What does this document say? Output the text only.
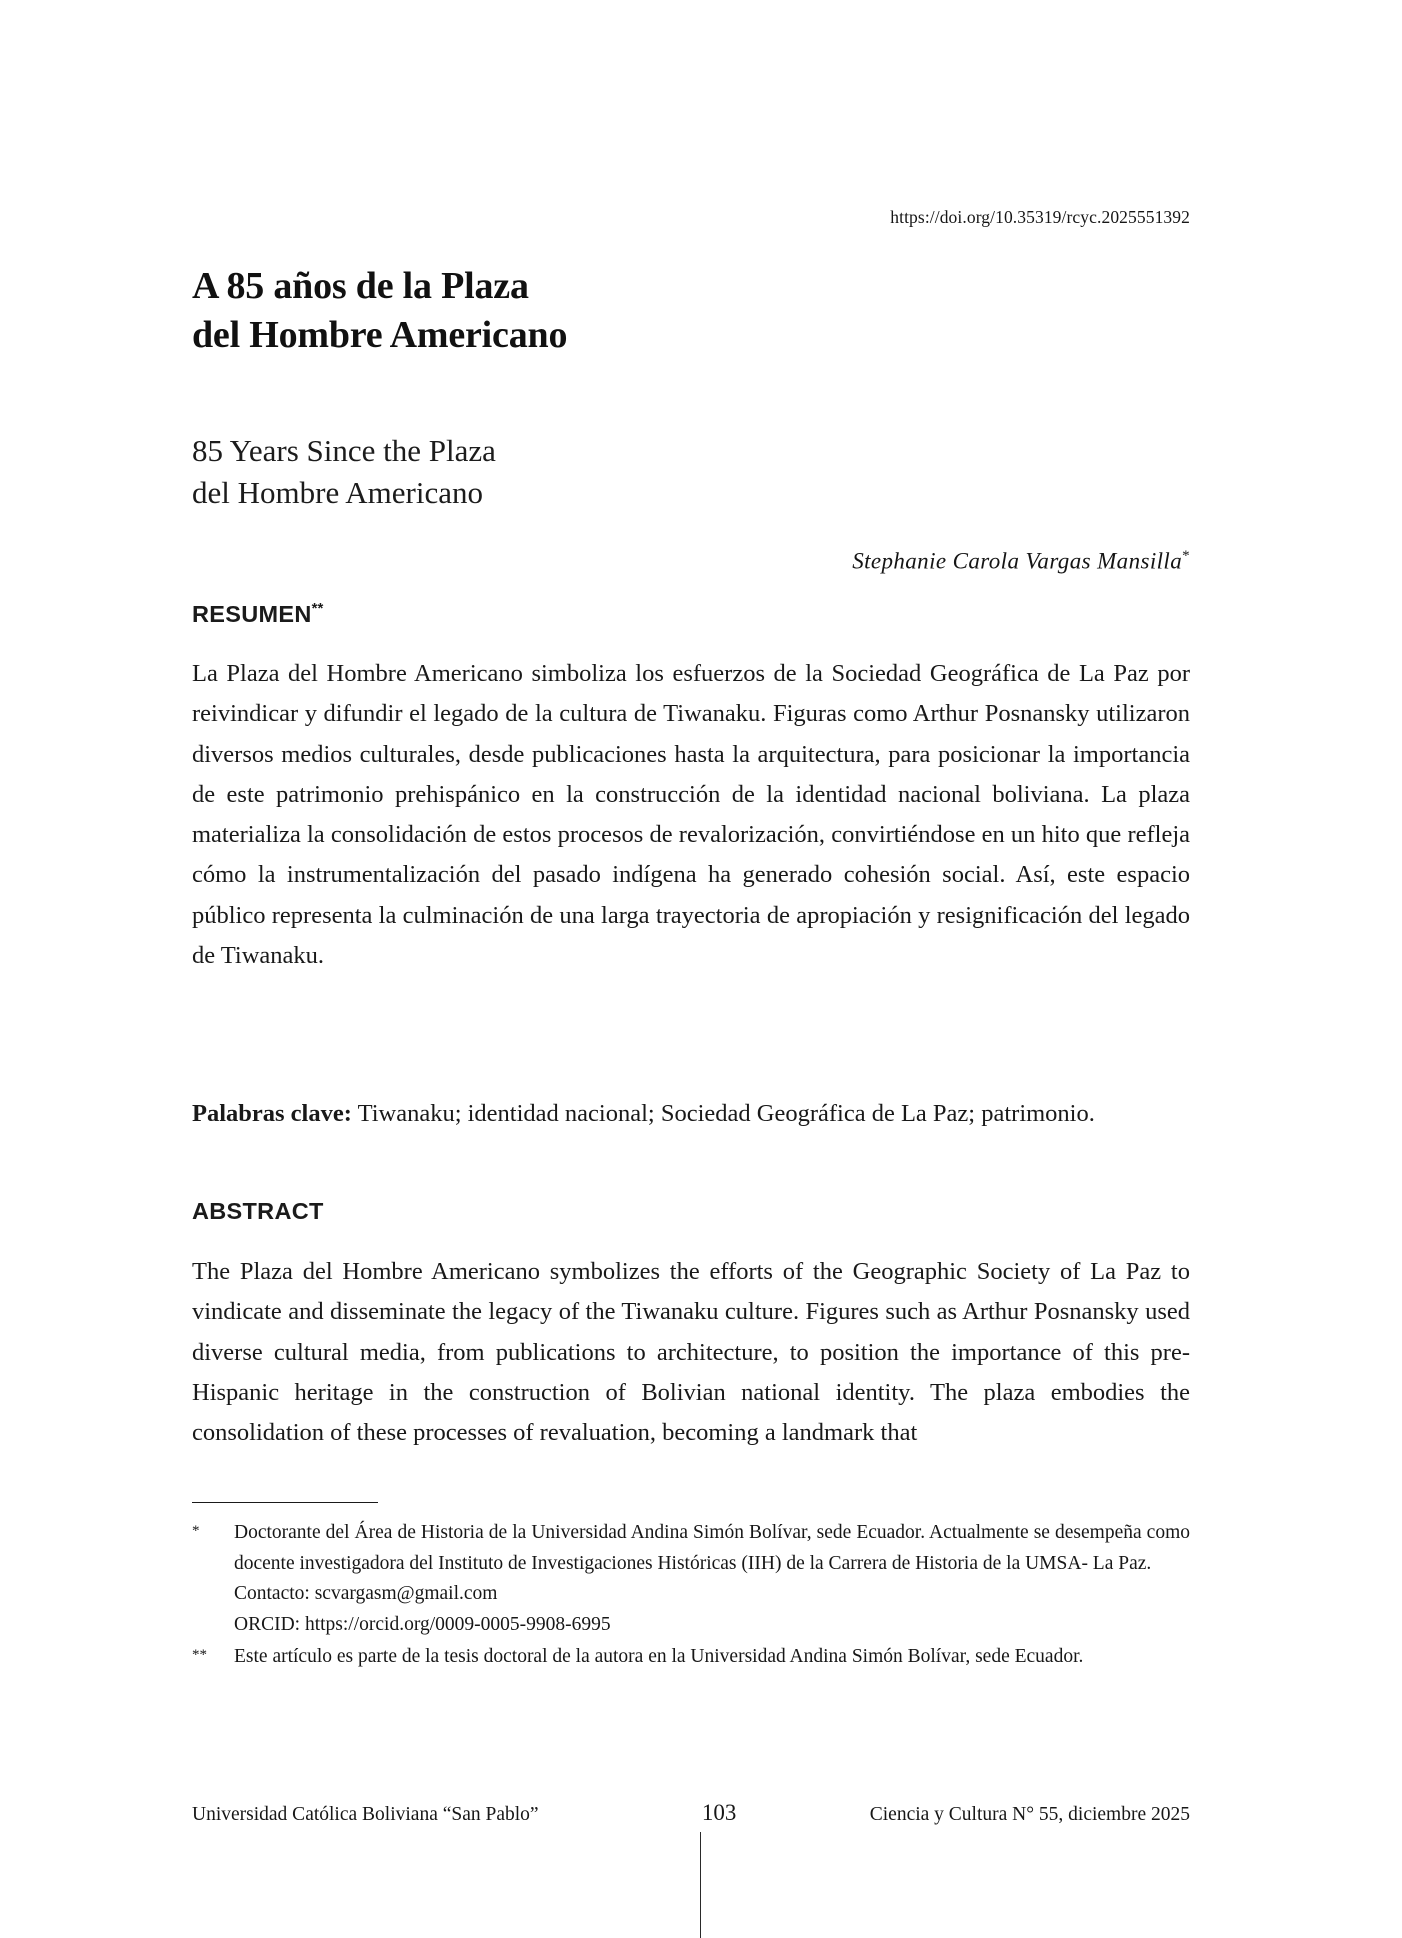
https://doi.org/10.35319/rcyc.2025551392
A 85 años de la Plaza
del Hombre Americano
85 Years Since the Plaza
del Hombre Americano
Stephanie Carola Vargas Mansilla*
RESUMEN**
La Plaza del Hombre Americano simboliza los esfuerzos de la Sociedad Geográfica de La Paz por reivindicar y difundir el legado de la cultura de Tiwanaku. Figuras como Arthur Posnansky utilizaron diversos medios culturales, desde publicaciones hasta la arquitectura, para posicionar la importancia de este patrimonio prehispánico en la construcción de la identidad nacional boliviana. La plaza materializa la consolidación de estos procesos de revalorización, convirtiéndose en un hito que refleja cómo la instrumentalización del pasado indígena ha generado cohesión social. Así, este espacio público representa la culminación de una larga trayectoria de apropiación y resignificación del legado de Tiwanaku.
Palabras clave: Tiwanaku; identidad nacional; Sociedad Geográfica de La Paz; patrimonio.
ABSTRACT
The Plaza del Hombre Americano symbolizes the efforts of the Geographic Society of La Paz to vindicate and disseminate the legacy of the Tiwanaku culture. Figures such as Arthur Posnansky used diverse cultural media, from publications to architecture, to position the importance of this pre-Hispanic heritage in the construction of Bolivian national identity. The plaza embodies the consolidation of these processes of revaluation, becoming a landmark that
*	Doctorante del Área de Historia de la Universidad Andina Simón Bolívar, sede Ecuador. Actualmente se desempeña como docente investigadora del Instituto de Investigaciones Históricas (IIH) de la Carrera de Historia de la UMSA- La Paz.
Contacto: scvargasm@gmail.com
ORCID: https://orcid.org/0009-0005-9908-6995
**	Este artículo es parte de la tesis doctoral de la autora en la Universidad Andina Simón Bolívar, sede Ecuador.
Universidad Católica Boliviana “San Pablo”	103	Ciencia y Cultura N° 55, diciembre 2025
